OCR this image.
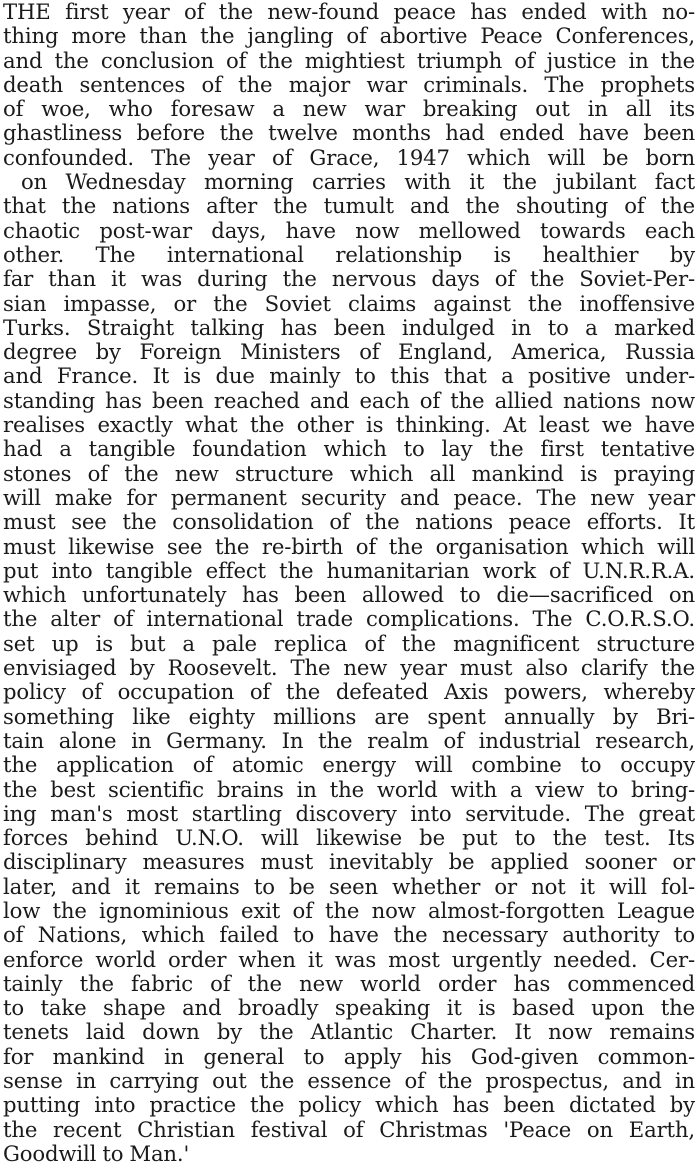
THE first year of the new-found peace has ended with no-
thing more than the jangling of abortive Peace Conferences,
and the conclusion of the mightiest triumph of justice in the
death sentences of the major war criminals. The prophets
of woe, who foresaw a new war breaking out in all its
ghastliness before the twelve months had ended have been
confounded. The year of Grace, 1947 which will be born
on Wednesday morning carries with it the jubilant fact
that the nations after the tumult and the shouting of the
chaotic post-war days, have now mellowed towards each
other. The international relationship is healthier by
far than it was during the nervous days of the Soviet-Per-
sian impasse, or the Soviet claims against the inoffensive
Turks. Straight talking has been indulged in to a marked
degree by Foreign Ministers of England, America, Russia
and France. It is due mainly to this that a positive under-
standing has been reached and each of the allied nations now
realises exactly what the other is thinking. At least we have
had a tangible foundation which to lay the first tentative
stones of the new structure which all mankind is praying
will make for permanent security and peace. The new year
must see the consolidation of the nations peace efforts. It
must likewise see the re-birth of the organisation which will
put into tangible effect the humanitarian work of U.N.R.R.A.
which unfortunately has been allowed to die—sacrificed on
the alter of international trade complications. The C.O.R.S.O.
set up is but a pale replica of the magnificent structure
envisiaged by Roosevelt. The new year must also clarify the
policy of occupation of the defeated Axis powers, whereby
something like eighty millions are spent annually by Bri-
tain alone in Germany. In the realm of industrial research,
the application of atomic energy will combine to occupy
the best scientific brains in the world with a view to bring-
ing man's most startling discovery into servitude. The great
forces behind U.N.O. will likewise be put to the test. Its
disciplinary measures must inevitably be applied sooner or
later, and it remains to be seen whether or not it will fol-
low the ignominious exit of the now almost-forgotten League
of Nations, which failed to have the necessary authority to
enforce world order when it was most urgently needed. Cer-
tainly the fabric of the new world order has commenced
to take shape and broadly speaking it is based upon the
tenets laid down by the Atlantic Charter. It now remains
for mankind in general to apply his God-given common-
sense in carrying out the essence of the prospectus, and in
putting into practice the policy which has been dictated by
the recent Christian festival of Christmas 'Peace on Earth,
Goodwill to Man.'
